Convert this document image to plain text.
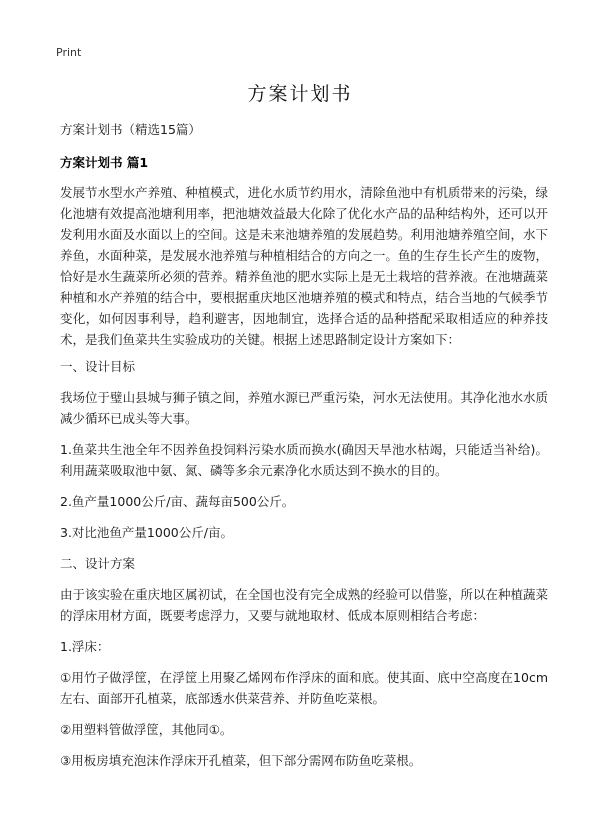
Print
方案计划书
方案计划书（精选15篇）
方案计划书 篇1
发展节水型水产养殖、种植模式，进化水质节约用水，清除鱼池中有机质带来的污染，绿化池塘有效提高池塘利用率，把池塘效益最大化除了优化水产品的品种结构外，还可以开发利用水面及水面以上的空间。这是未来池塘养殖的发展趋势。利用池塘养殖空间，水下养鱼，水面种菜，是发展水池养殖与种植相结合的方向之一。鱼的生存生长产生的废物，恰好是水生蔬菜所必须的营养。精养鱼池的肥水实际上是无土栽培的营养液。在池塘蔬菜种植和水产养殖的结合中，要根据重庆地区池塘养殖的模式和特点，结合当地的气候季节变化，如何因事利导，趋利避害，因地制宜，选择合适的品种搭配采取相适应的种养技术，是我们鱼菜共生实验成功的关键。根据上述思路制定设计方案如下：
一、设计目标
我场位于璧山县城与狮子镇之间，养殖水源已严重污染，河水无法使用。其净化池水水质减少循环已成头等大事。
1.鱼菜共生池全年不因养鱼投饲料污染水质而换水(确因天旱池水枯竭，只能适当补给)。利用蔬菜吸取池中氨、氮、磷等多余元素净化水质达到不换水的目的。
2.鱼产量1000公斤/亩、蔬每亩500公斤。
3.对比池鱼产量1000公斤/亩。
二、设计方案
由于该实验在重庆地区属初试，在全国也没有完全成熟的经验可以借鉴，所以在种植蔬菜的浮床用材方面，既要考虑浮力，又要与就地取材、低成本原则相结合考虑：
1.浮床：
①用竹子做浮筐，在浮筐上用聚乙烯网布作浮床的面和底。使其面、底中空高度在10cm左右、面部开孔植菜，底部透水供菜营养、并防鱼吃菜根。
②用塑料管做浮筐，其他同①。
③用板房填充泡沫作浮床开孔植菜，但下部分需网布防鱼吃菜根。
